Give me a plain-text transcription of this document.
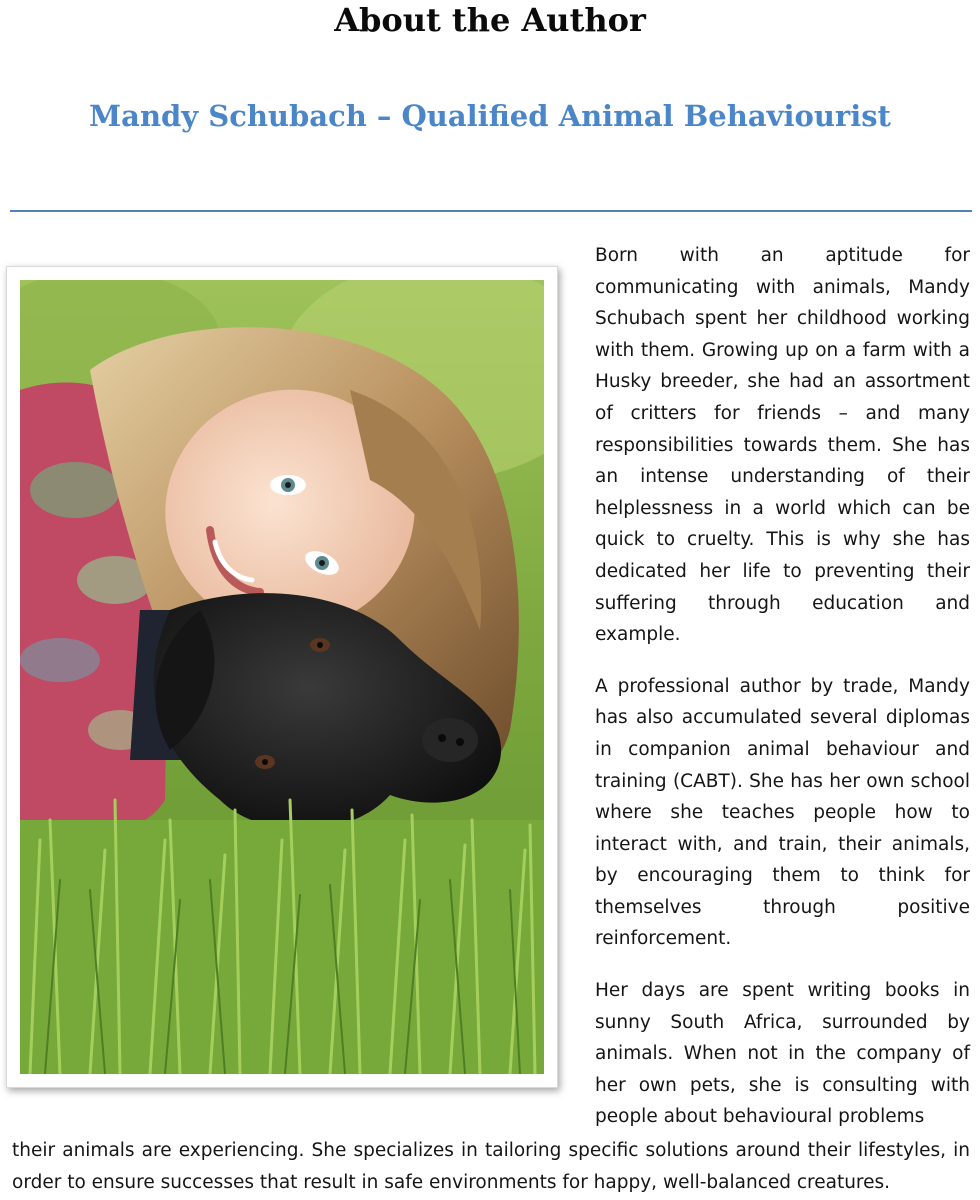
About the Author
Mandy Schubach – Qualified Animal Behaviourist

Born with an aptitude for communicating with animals, Mandy Schubach spent her childhood working with them. Growing up on a farm with a Husky breeder, she had an assortment of critters for friends – and many responsibilities towards them. She has an intense understanding of their helplessness in a world which can be quick to cruelty. This is why she has dedicated her life to preventing their suffering through education and example.

A professional author by trade, Mandy has also accumulated several diplomas in companion animal behaviour and training (CABT). She has her own school where she teaches people how to interact with, and train, their animals, by encouraging them to think for themselves through positive reinforcement.

Her days are spent writing books in sunny South Africa, surrounded by animals. When not in the company of her own pets, she is consulting with people about behavioural problems

their animals are experiencing. She specializes in tailoring specific solutions around their lifestyles, in order to ensure successes that result in safe environments for happy, well-balanced creatures.
